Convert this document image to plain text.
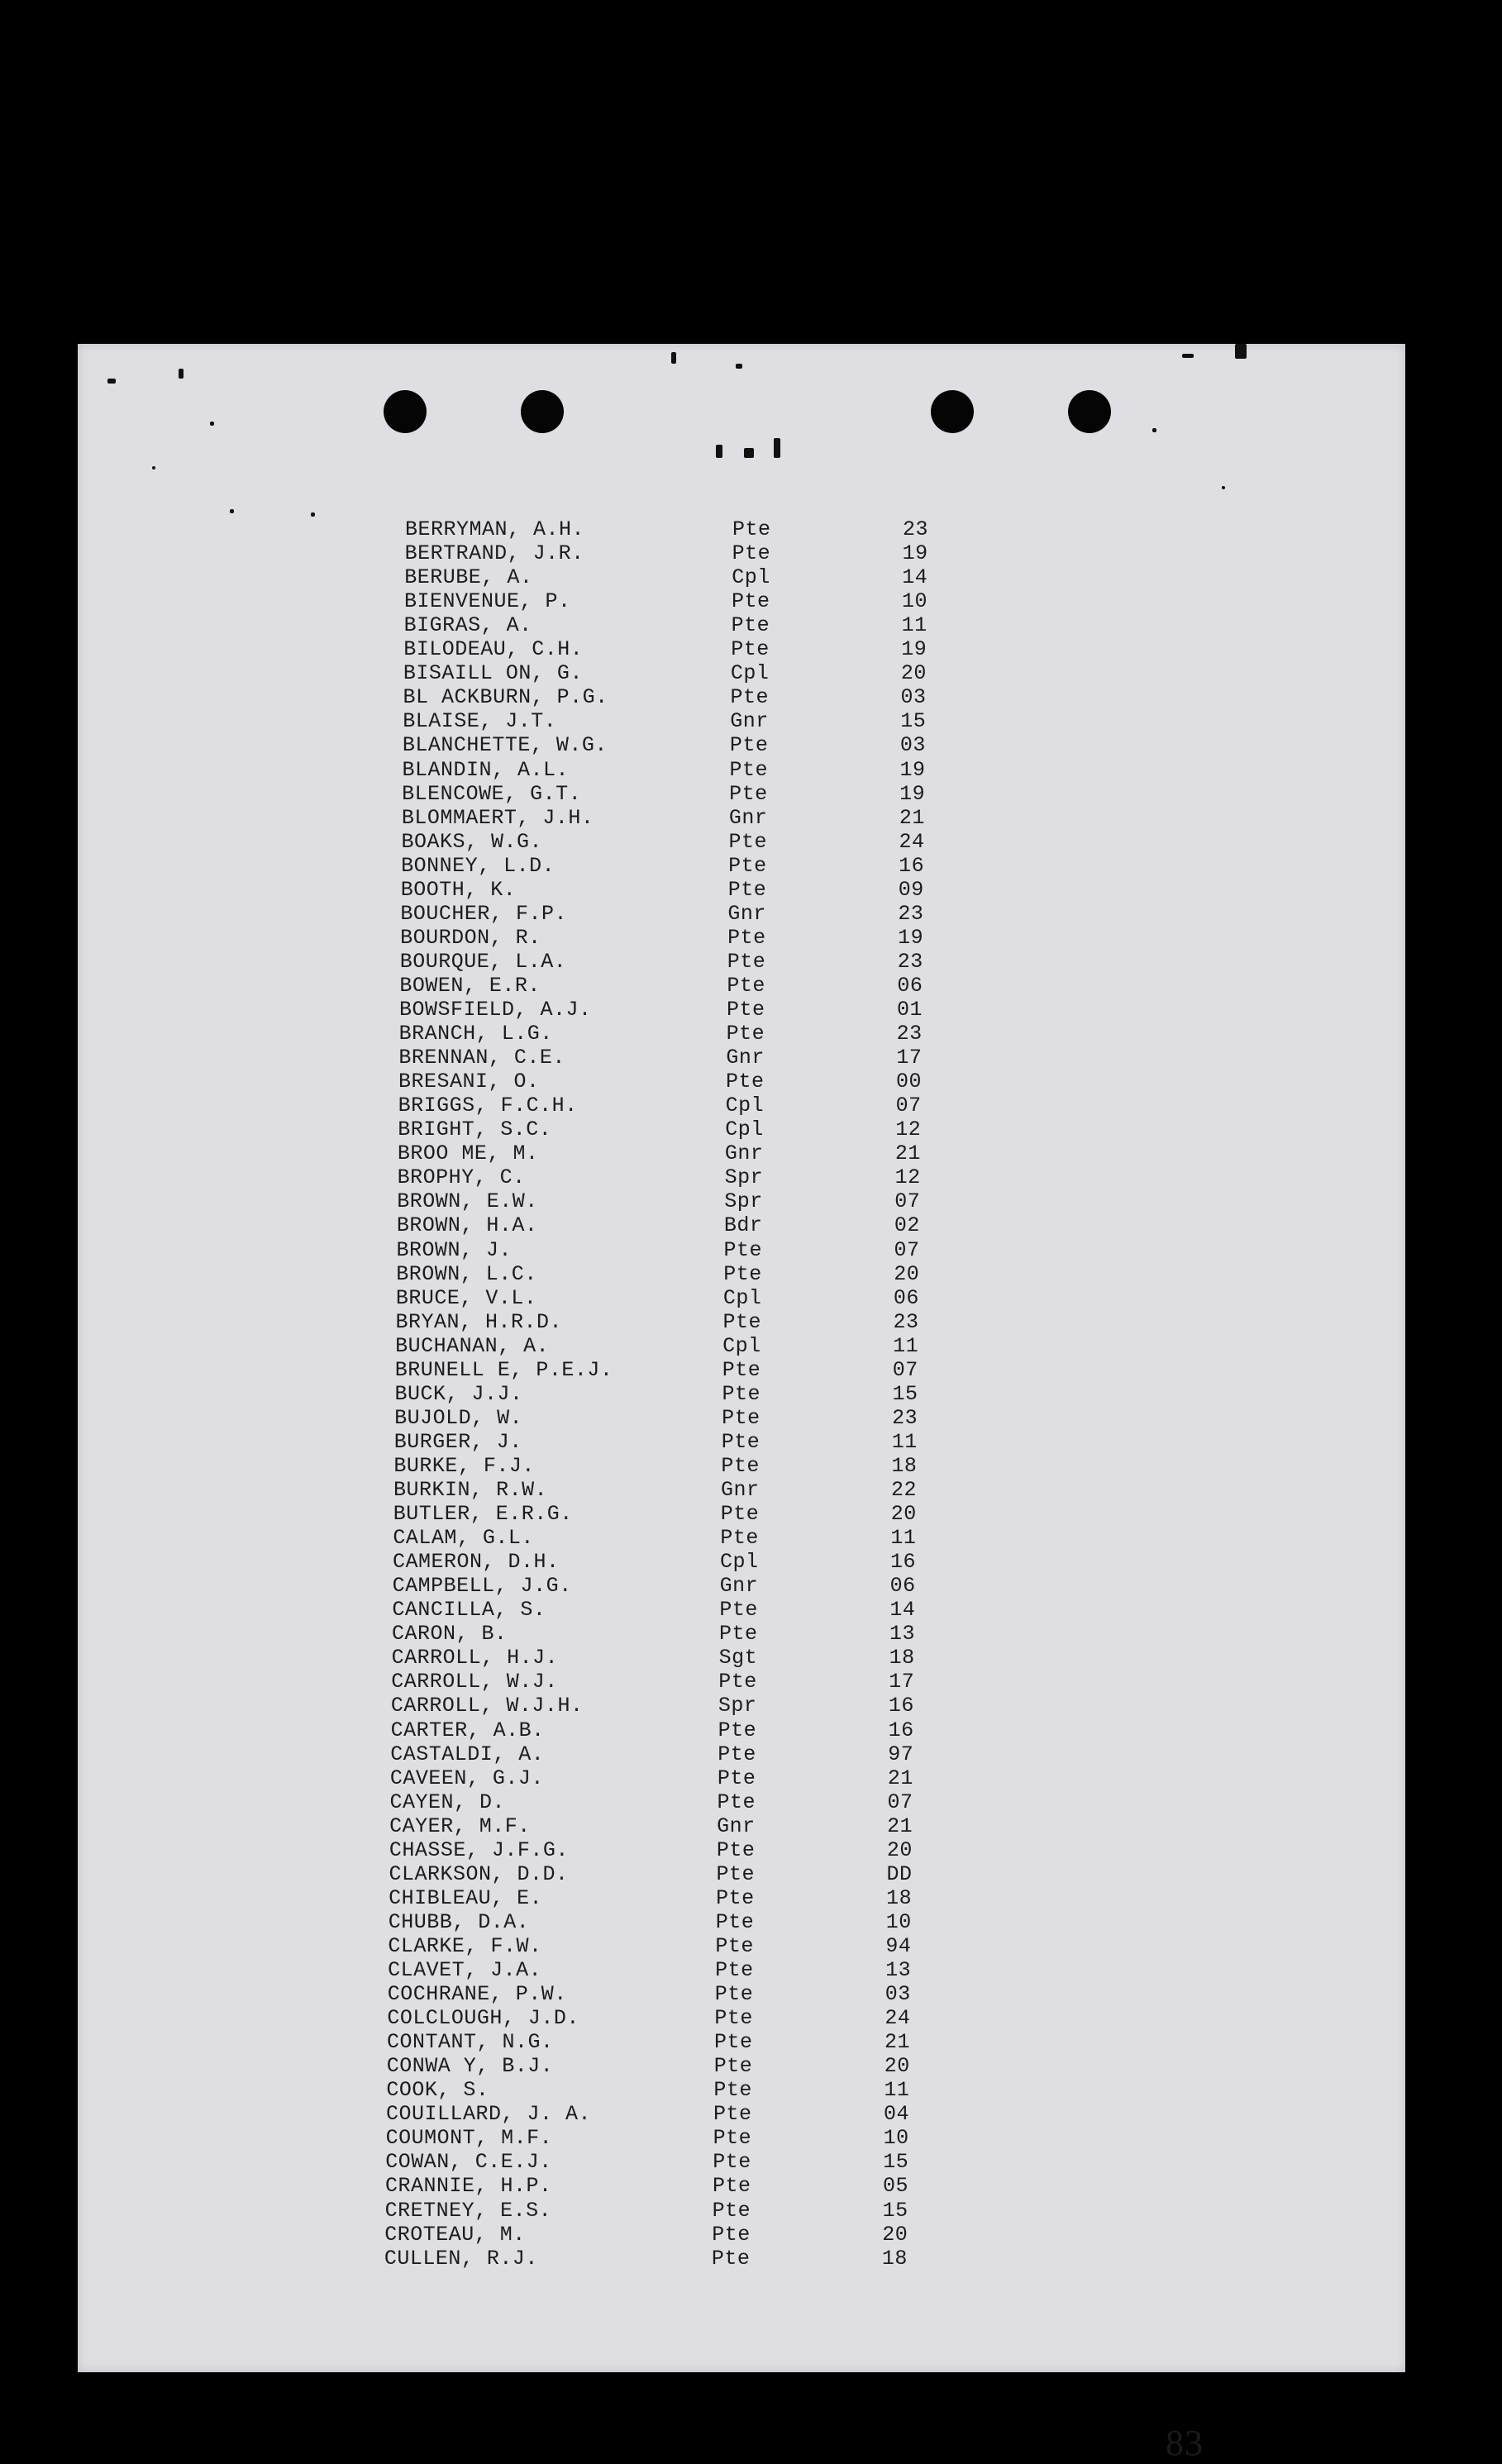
BERRYMAN, A.H.	Pte	23
BERTRAND, J.R.	Pte	19
BERUBE, A.	Cpl	14
BIENVENUE, P.	Pte	10
BIGRAS, A.	Pte	11
BILODEAU, C.H.	Pte	19
BISAILL ON, G.	Cpl	20
BL ACKBURN, P.G.	Pte	03
BLAISE, J.T.	Gnr	15
BLANCHETTE, W.G.	Pte	03
BLANDIN, A.L.	Pte	19
BLENCOWE, G.T.	Pte	19
BLOMMAERT, J.H.	Gnr	21
BOAKS, W.G.	Pte	24
BONNEY, L.D.	Pte	16
BOOTH, K.	Pte	09
BOUCHER, F.P.	Gnr	23
BOURDON, R.	Pte	19
BOURQUE, L.A.	Pte	23
BOWEN, E.R.	Pte	06
BOWSFIELD, A.J.	Pte	01
BRANCH, L.G.	Pte	23
BRENNAN, C.E.	Gnr	17
BRESANI, O.	Pte	00
BRIGGS, F.C.H.	Cpl	07
BRIGHT, S.C.	Cpl	12
BROO ME, M.	Gnr	21
BROPHY, C.	Spr	12
BROWN, E.W.	Spr	07
BROWN, H.A.	Bdr	02
BROWN, J.	Pte	07
BROWN, L.C.	Pte	20
BRUCE, V.L.	Cpl	06
BRYAN, H.R.D.	Pte	23
BUCHANAN, A.	Cpl	11
BRUNELL E, P.E.J.	Pte	07
BUCK, J.J.	Pte	15
BUJOLD, W.	Pte	23
BURGER, J.	Pte	11
BURKE, F.J.	Pte	18
BURKIN, R.W.	Gnr	22
BUTLER, E.R.G.	Pte	20
CALAM, G.L.	Pte	11
CAMERON, D.H.	Cpl	16
CAMPBELL, J.G.	Gnr	06
CANCILLA, S.	Pte	14
CARON, B.	Pte	13
CARROLL, H.J.	Sgt	18
CARROLL, W.J.	Pte	17
CARROLL, W.J.H.	Spr	16
CARTER, A.B.	Pte	16
CASTALDI, A.	Pte	97
CAVEEN, G.J.	Pte	21
CAYEN, D.	Pte	07
CAYER, M.F.	Gnr	21
CHASSE, J.F.G.	Pte	20
CLARKSON, D.D.	Pte	DD
CHIBLEAU, E.	Pte	18
CHUBB, D.A.	Pte	10
CLARKE, F.W.	Pte	94
CLAVET, J.A.	Pte	13
COCHRANE, P.W.	Pte	03
COLCLOUGH, J.D.	Pte	24
CONTANT, N.G.	Pte	21
CONWA Y, B.J.	Pte	20
COOK, S.	Pte	11
COUILLARD, J. A.	Pte	04
COUMONT, M.F.	Pte	10
COWAN, C.E.J.	Pte	15
CRANNIE, H.P.	Pte	05
CRETNEY, E.S.	Pte	15
CROTEAU, M.	Pte	20
CULLEN, R.J.	Pte	18
83
